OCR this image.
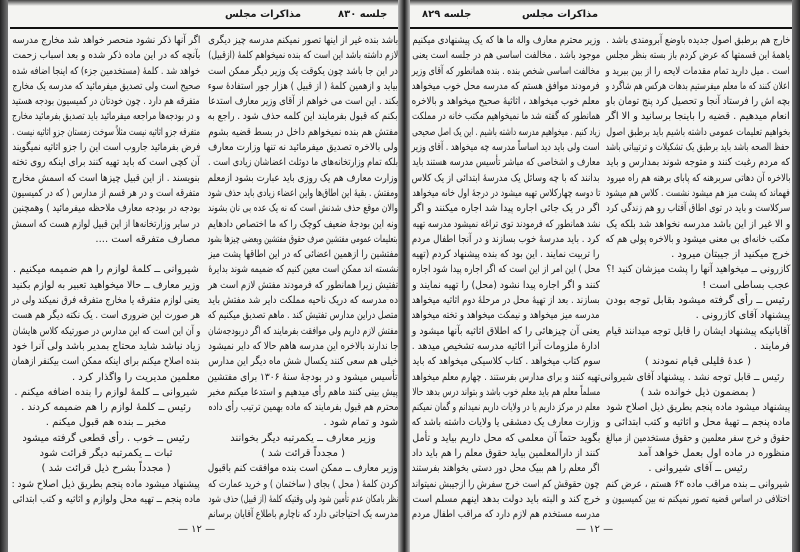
مذاکرات مجلس	جلسه ۸۳۰
باشد بنده غیر از اینها تصور نمیکنم مدرسه چیز دیگری
لازم داشته باشد این است که بنده نمیخواهم کلمهٔ (ازقبیل)
در این جا باشد چون یکوقت یک وزیر دیگر ممکن است
بیاید و ازهمین کلمهٔ ( از قبیل ) هزار جور استفادهٔ سوء
بکند . این است می خواهم از آقای وزیر معارف استدعا
بکنم که قبول بفرمایند این کلمه حذف شود . راجع به
مفتش هم بنده نمیخواهم داخل در بسط قضیه بشوم
ولی بالاخره تصدیق میفرمائید نه تنها وزارت معارف
بلکه تمام وزارتخانه‌های ما دوثلث اعضاشان زیادی است .
وزارت معارف هم یک روزی باید عبارت بشود ازمعلم
ومفتش . بقیهٔ این اطاق‌ها واین اعضاء زیادی باید حذف شود
والان موقع حذف شدنش است که نه یک عده بی نان بشوند
ونه این بودجهٔ ضعیف کوچک را که ما اختصاص دادهایم
بتعلیمات عمومی مفتشین صرف حقوق مفتشین وبعضی چیزها بشود
مفتشین را ازهمین اعضائی که در این اطاقها پشت میز
نشسته اند ممکن است معین کنیم که ضمیمه شوند بدایرهٔ
تفتیش زیرا همانطور که فرمودند مفتش لازم است هر
ده مدرسه که دریک ناحیه مملکت دایر شد مفتش باید
متصل دراین مدارس تفتیش کند . ماهم تصدیق میکنیم که
مفتش لازم داریم ولی موافقت بفرمایند که اگر دربودجه‌شان
جا ندارند بالاخره این مدرسه هاهم حالا که دایر نمیشود
خیلی هم سعی کنند یکسال شش ماه دیگر این مدارس
تأسیس میشود و در بودجهٔ سنهٔ ۱۳۰۶ برای مفتشین
پیش بینی کنند ماهم رأی میدهیم و استدعا میکنم مخبر
محترم هم قبول بفرمایند که ماده بهمین ترتیب رأی داده
شود و تمام شود .
وزیر معارف ــ یکمرتبه دیگر بخوانند
( مجدداً قرائت شد )
وزیر معارف ــ ممکن است بنده موافقت کنم باقبول
کردن کلمهٔ ( محل ) بجای ( ساختمان ) و خرید عمارت که
نظر بامکان عدم تأمین شود ولی وقتیکه کلمهٔ (از قبیل) حذف شود
مدرسه یک احتیاجاتی دارد که ناچارم باطلاع آقایان برسانم
اگر آنها ذکر نشود منحصر خواهد شد مخارج مدرسه
بآنچه که در این ماده ذکر شده و بعد اسباب زحمت
خواهد شد . کلمهٔ (مستخدمین جزء) که اینجا اضافه شده
صحیح است ولی تصدیق میفرمائید که مدرسه یک مخارج
متفرقه هم دارد . چون خودتان در کمیسیون بودجه هستید
و در بودجه‌ها مراجعه میفرمائید باید تصدیق بفرمائید مخارج
متفرقه جزو اثاثیه نیست مثلاً سوخت زمستان جزو اثاثیه نیست .
فرض بفرمائید جاروب است این را جزو اثاثیه نمیگویند
آن کچی است که باید تهیه کنند برای اینکه روی تخته
بنویسند . از این قبیل چیزها است که اسمش مخارج
متفرقه است و در هر قسم از مدارس ( که در کمیسیون
بودجه در بودجه معارف ملاحظه میفرمائید ) وهمچنین
در سایر وزارتخانه‌ها از این قبیل لوازم هست که اسمش
مصارف متفرقه است ....
شیروانی ــ کلمهٔ لوازم را هم ضمیمه میکنیم .
وزیر معارف ــ حالا میخواهید تعبیر به لوازم بکنید
یعنی لوازم متفرقه یا مخارج متفرقه فرق نمیکند ولی در
هر صورت این ضروری است . یک نکته دیگر هم هست
و آن این است که این مدارس در صورتیکه کلاس هایشان
زیاد نباشد شاید محتاج بمدیر باشد ولی آنرا خود
بنده اصلاح میکنم برای اینکه ممکن است بیکنفر ازهمان
معلمین مدیریت را واگذار کرد .
شیروانی ــ کلمهٔ لوازم را بنده اضافه میکنم .
رئیس ــ کلمهٔ لوازم را هم ضمیمه کردند .
مخبر ــ بنده هم قبول میکنم .
رئیس ــ خوب . رأی قطعی گرفته میشود
ثبات ــ یکمرتبه دیگر قرائت شود
( مجدداً بشرح ذیل قرائت شد )
پیشنهاد میشود ماده پنجم بطریق ذیل اصلاح شود :
ماده پنجم ــ تهیه محل ولوازم و اثاثیه و کتب ابتدائی
— ۱۲ —
مذاکرات مجلس
جلسه ۸۲۹
خارج هم برطبق اصول جدیده باوضع آبرومندی باشد .
یاهمهٔ این قسمتها که عرض کردم باز بسته بنظر مجلس
است . میل دارید تمام مقدمات لایحه را از بین ببرید و
اعلان کنند که ما معلم میفرستیم بدهات هرکس هم شاگرد و
بچه اش را فرستاد آنجا و تحصیل کرد پنج تومان باو
انعام میدهیم . قضیه را باینجا برسانید و الا اگر
بخواهیم تعلیمات عمومی داشته باشیم باید برطبق اصول
حفظ الصحه باشد باید برطبق یک تشکیلات و ترتیباتی باشد
که مردم رغبت کنند و متوجه شوند بمدارس و باید
بالاخره آن دهاتی سربرهنه که پابای برهنه هم راه میرود
فهماند که پشت میز هم میشود نشست . کلاس هم میشود
سرکلاست و باید در توی اطاق آفتاب رو هم زندگی کرد
و الا غیر از این باشد مدرسه نخواهد شد بلکه یک
مکتب خانه‌ای بی معنی میشود و بالاخره پولی هم که
خرج میکنید از جیبتان میرود .
کازرونی ــ میخواهید آنها را پشت میزشان کنید !؟
عجب بساطی است !
رئیس ــ رأی گرفته میشود بقابل توجه بودن
پیشنهاد آقای کازرونی .
آقایانیکه پیشنهاد ایشان را قابل توجه میدانند قیام
فرمایند .
( عدهٔ قلیلی قیام نمودند )
رئیس ــ قابل توجه نشد . پیشنهاد آقای شیروانی
( بمضمون ذیل خوانده شد )
پیشنهاد میشود ماده پنجم بطریق ذیل اصلاح شود
ماده پنجم ــ تهیهٔ محل و اثاثیه و کتب ابتدائی و
حقوق و خرج سفر معلمین و حقوق مستخدمین از مبالغ
منظوره در ماده اول بعمل خواهد آمد
رئیس ــ آقای شیروانی .
شیروانی ــ بنده مراقب ماده ۶۳ هستم ، عرض کنم
اختلافی در اساس قضیه تصور نمیکنم نه بین کمیسیون و
وزیر محترم معارف واله ما ها که یک پیشنهادی میکنیم
موجود باشد . مخالفت اساسی هم در جلسه است یعنی
مخالفت اساسی شخص بنده . بنده همانطور که آقای وزیر
فرمودند موافق هستم که مدرسه محل خوب میخواهد
معلم خوب میخواهد ، اثاثیهٔ صحیح میخواهد و بالاخره
همانطور که گفته شد ما نمیخواهیم مکتب خانه در مملکت
زیاد کنیم . میخواهیم مدرسه داشته باشیم . این یک اصل صحیحی
است ولی باید دید اساساً مدرسه چه میخواهد . آقای وزیر
معارف و اشخاصی که مباشر تأسیس مدرسه هستند باید
بدانند که با چه وسائل یک مدرسهٔ ابتدائی از یک کلاس
تا دوسه چهارکلاس تهیه میشود در درجهٔ اول خانه میخواهد
اگر در یک جائی اجاره پیدا شد اجاره میکنند و اگر
نشد همانطور که فرمودند توی تراغه نمیشود مدرسه تهیه
کرد . باید مدرسهٔ خوب بسازند و در آنجا اطفال مردم
را تربیت نمایند . این بود که بنده پیشنهاد کردم (تهیه
محل ) این امر از این است که اگر اجاره پیدا شود اجاره
کنند و اگر اجاره پیدا نشود (محل) را تهیه نمایند و
بسازند . بعد از تهیهٔ محل در مرحلهٔ دوم اثاثیه میخواهد
مدرسه میز میخواهد و نیمکت میخواهد و تخته میخواهد
یعنی آن چیزهائی را که اطلاق اثاثیه بآنها میشود و
ادارهٔ ملزومات آنرا اثاثیه مدرسه تشخیص میدهد .
سوم کتاب میخواهد . کتاب کلاسیکی میخواهد که باید
تهیه کنند و برای مدارس بفرستند . چهارم معلم میخواهد
مسلماً معلم هم باید معلم خوب باشد و بتواند درس بدهد حالا
معلم در مرکز داریم یا در ولایات داریم نمیدانم و گمان نمیکنم
وزارت معارف یک دمشقی یا ولایات داشته باشد که
بگوید حتماً آن معلمی که محل داریم بیاید و تأمل
کنند از دارالمعلمین بیاید حقوق معلم را هم باید داد
اگر معلم را هم ببیک محل دور دستی بخواهند بفرستند
چون حقوقش کم است خرج سفرش را ازجیبش نمیتواند
خرج کند و البته باید دولت بدهد اینهم مسلم است
مدرسه مستخدم هم لازم دارد که مراقب اطفال مردم
— ۱۲ —
